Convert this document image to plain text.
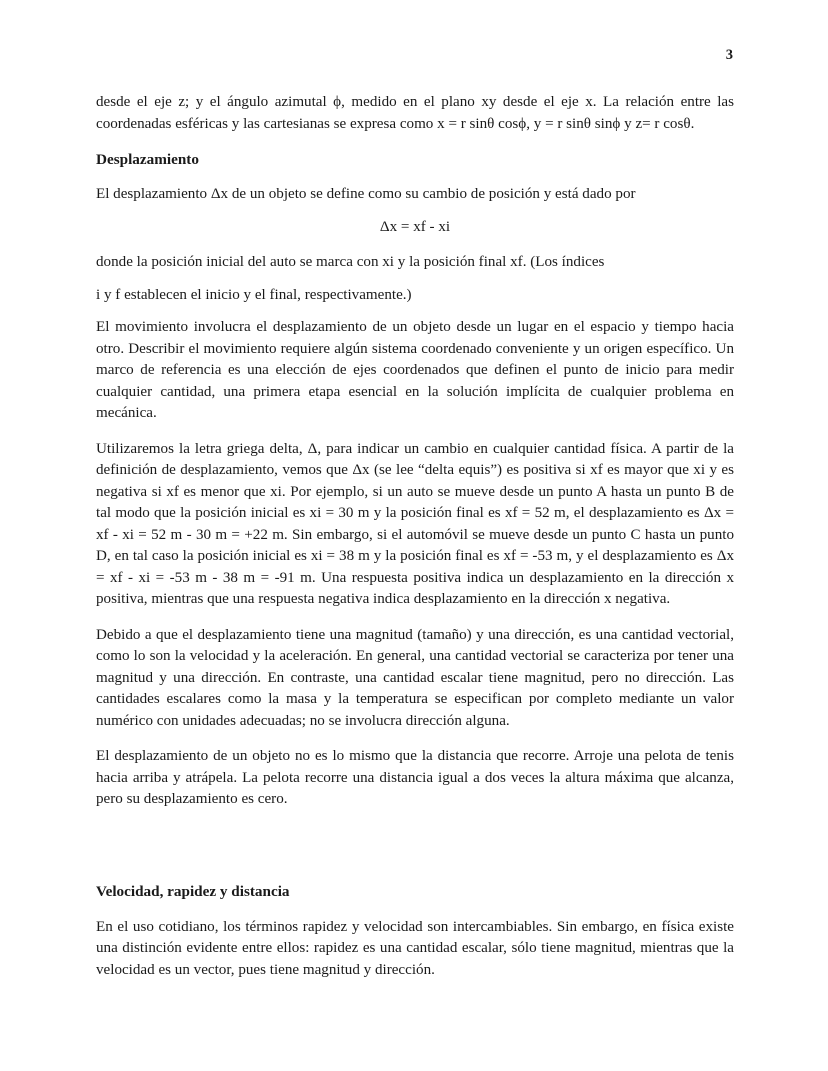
3

desde el eje z; y el ángulo azimutal ϕ, medido en el plano xy desde el eje x. La relación entre las coordenadas esféricas y las cartesianas se expresa como x = r sinθ cosϕ, y = r sinθ sinϕ y z= r cosθ.

Desplazamiento

El desplazamiento Δx de un objeto se define como su cambio de posición y está dado por

Δx = xf - xi

donde la posición inicial del auto se marca con xi y la posición final xf. (Los índices

i y f establecen el inicio y el final, respectivamente.)

El movimiento involucra el desplazamiento de un objeto desde un lugar en el espacio y tiempo hacia otro. Describir el movimiento requiere algún sistema coordenado conveniente y un origen específico. Un marco de referencia es una elección de ejes coordenados que definen el punto de inicio para medir cualquier cantidad, una primera etapa esencial en la solución implícita de cualquier problema en mecánica.

Utilizaremos la letra griega delta, Δ, para indicar un cambio en cualquier cantidad física. A partir de la definición de desplazamiento, vemos que Δx (se lee “delta equis”) es positiva si xf es mayor que xi y es negativa si xf es menor que xi. Por ejemplo, si un auto se mueve desde un punto A hasta un punto B de tal modo que la posición inicial es xi = 30 m y la posición final es xf = 52 m, el desplazamiento es Δx = xf - xi = 52 m - 30 m = +22 m. Sin embargo, si el automóvil se mueve desde un punto C hasta un punto D, en tal caso la posición inicial es xi = 38 m y la posición final es xf = -53 m, y el desplazamiento es Δx = xf - xi = -53 m - 38 m = -91 m. Una respuesta positiva indica un desplazamiento en la dirección x positiva, mientras que una respuesta negativa indica desplazamiento en la dirección x negativa.

Debido a que el desplazamiento tiene una magnitud (tamaño) y una dirección, es una cantidad vectorial, como lo son la velocidad y la aceleración. En general, una cantidad vectorial se caracteriza por tener una magnitud y una dirección. En contraste, una cantidad escalar tiene magnitud, pero no dirección. Las cantidades escalares como la masa y la temperatura se especifican por completo mediante un valor numérico con unidades adecuadas; no se involucra dirección alguna.

El desplazamiento de un objeto no es lo mismo que la distancia que recorre. Arroje una pelota de tenis hacia arriba y atrápela. La pelota recorre una distancia igual a dos veces la altura máxima que alcanza, pero su desplazamiento es cero.

Velocidad, rapidez y distancia

En el uso cotidiano, los términos rapidez y velocidad son intercambiables. Sin embargo, en física existe una distinción evidente entre ellos: rapidez es una cantidad escalar, sólo tiene magnitud, mientras que la velocidad es un vector, pues tiene magnitud y dirección.
